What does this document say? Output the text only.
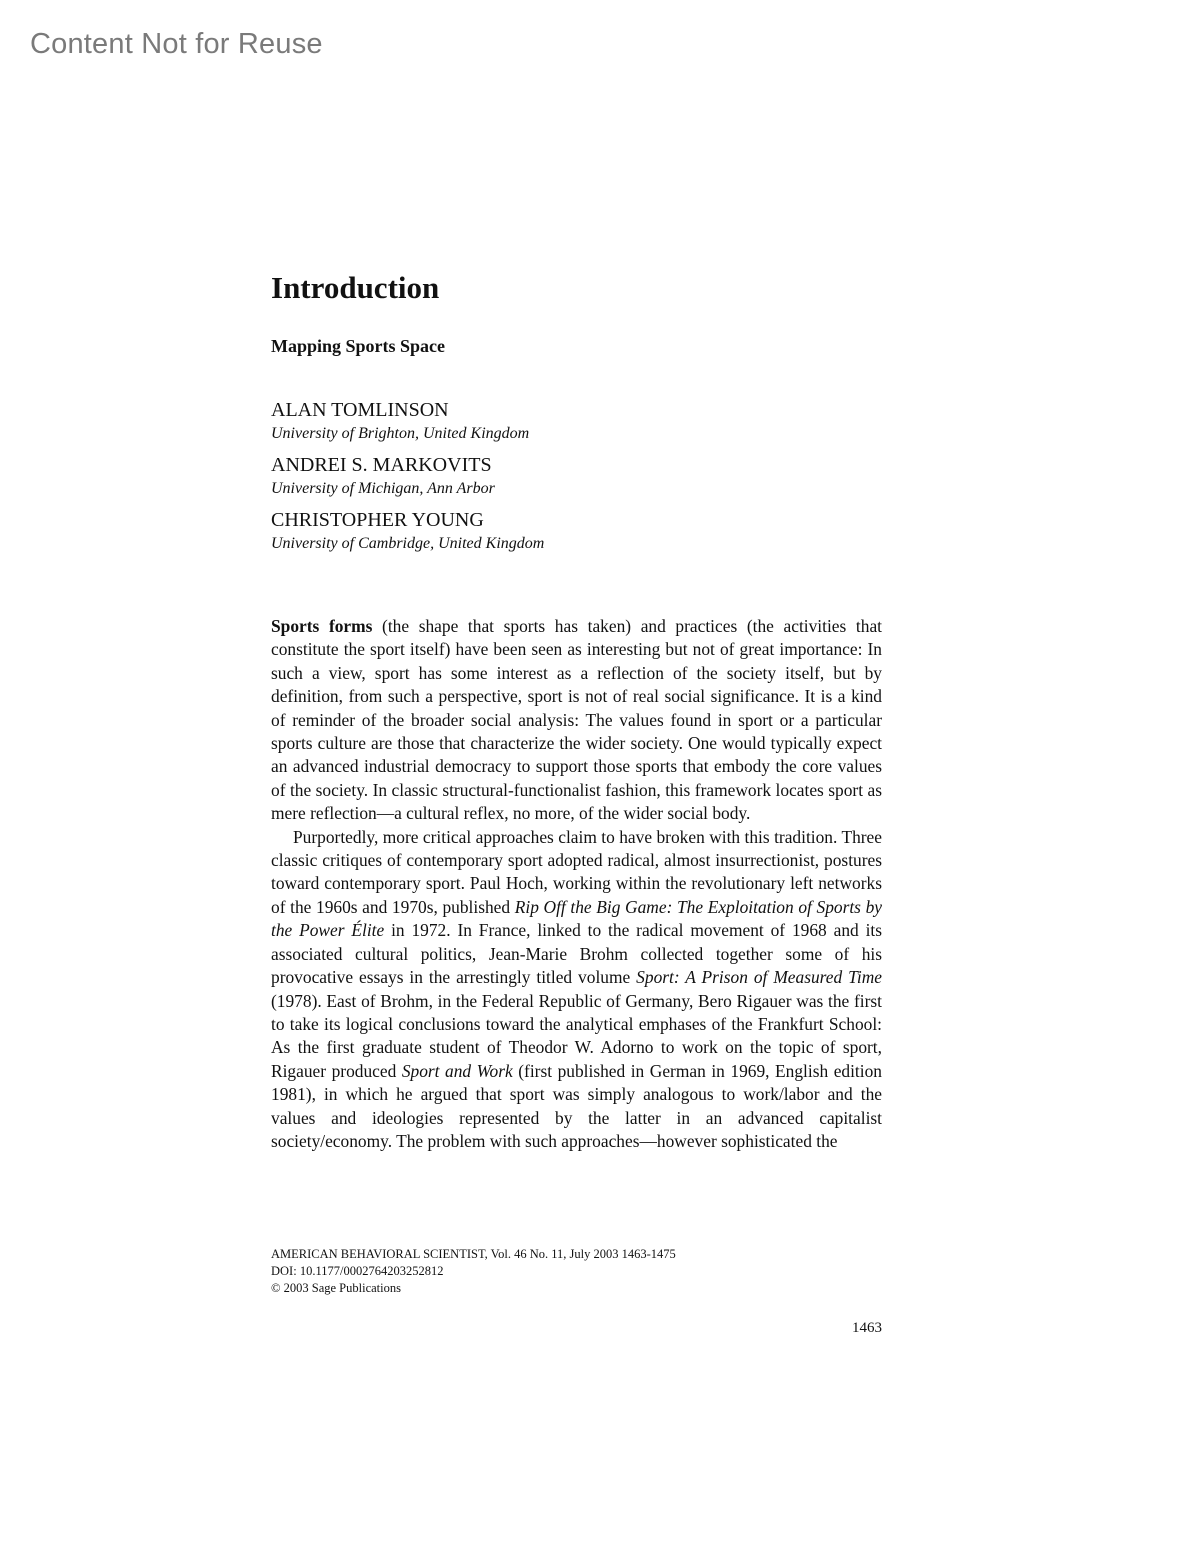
Content Not for Reuse
Introduction
Mapping Sports Space
ALAN TOMLINSON
University of Brighton, United Kingdom
ANDREI S. MARKOVITS
University of Michigan, Ann Arbor
CHRISTOPHER YOUNG
University of Cambridge, United Kingdom

Sports forms (the shape that sports has taken) and practices (the activities that constitute the sport itself) have been seen as interesting but not of great importance: In such a view, sport has some interest as a reflection of the society itself, but by definition, from such a perspective, sport is not of real social significance. It is a kind of reminder of the broader social analysis: The values found in sport or a particular sports culture are those that characterize the wider society. One would typically expect an advanced industrial democracy to support those sports that embody the core values of the society. In classic structural-functionalist fashion, this framework locates sport as mere reflection—a cultural reflex, no more, of the wider social body.

Purportedly, more critical approaches claim to have broken with this tradition. Three classic critiques of contemporary sport adopted radical, almost insurrectionist, postures toward contemporary sport. Paul Hoch, working within the revolutionary left networks of the 1960s and 1970s, published Rip Off the Big Game: The Exploitation of Sports by the Power Élite in 1972. In France, linked to the radical movement of 1968 and its associated cultural politics, Jean-Marie Brohm collected together some of his provocative essays in the arrestingly titled volume Sport: A Prison of Measured Time (1978). East of Brohm, in the Federal Republic of Germany, Bero Rigauer was the first to take its logical conclusions toward the analytical emphases of the Frankfurt School: As the first graduate student of Theodor W. Adorno to work on the topic of sport, Rigauer produced Sport and Work (first published in German in 1969, English edition 1981), in which he argued that sport was simply analogous to work/labor and the values and ideologies represented by the latter in an advanced capitalist society/economy. The problem with such approaches—however sophisticated the

AMERICAN BEHAVIORAL SCIENTIST, Vol. 46 No. 11, July 2003 1463-1475
DOI: 10.1177/0002764203252812
© 2003 Sage Publications
1463
